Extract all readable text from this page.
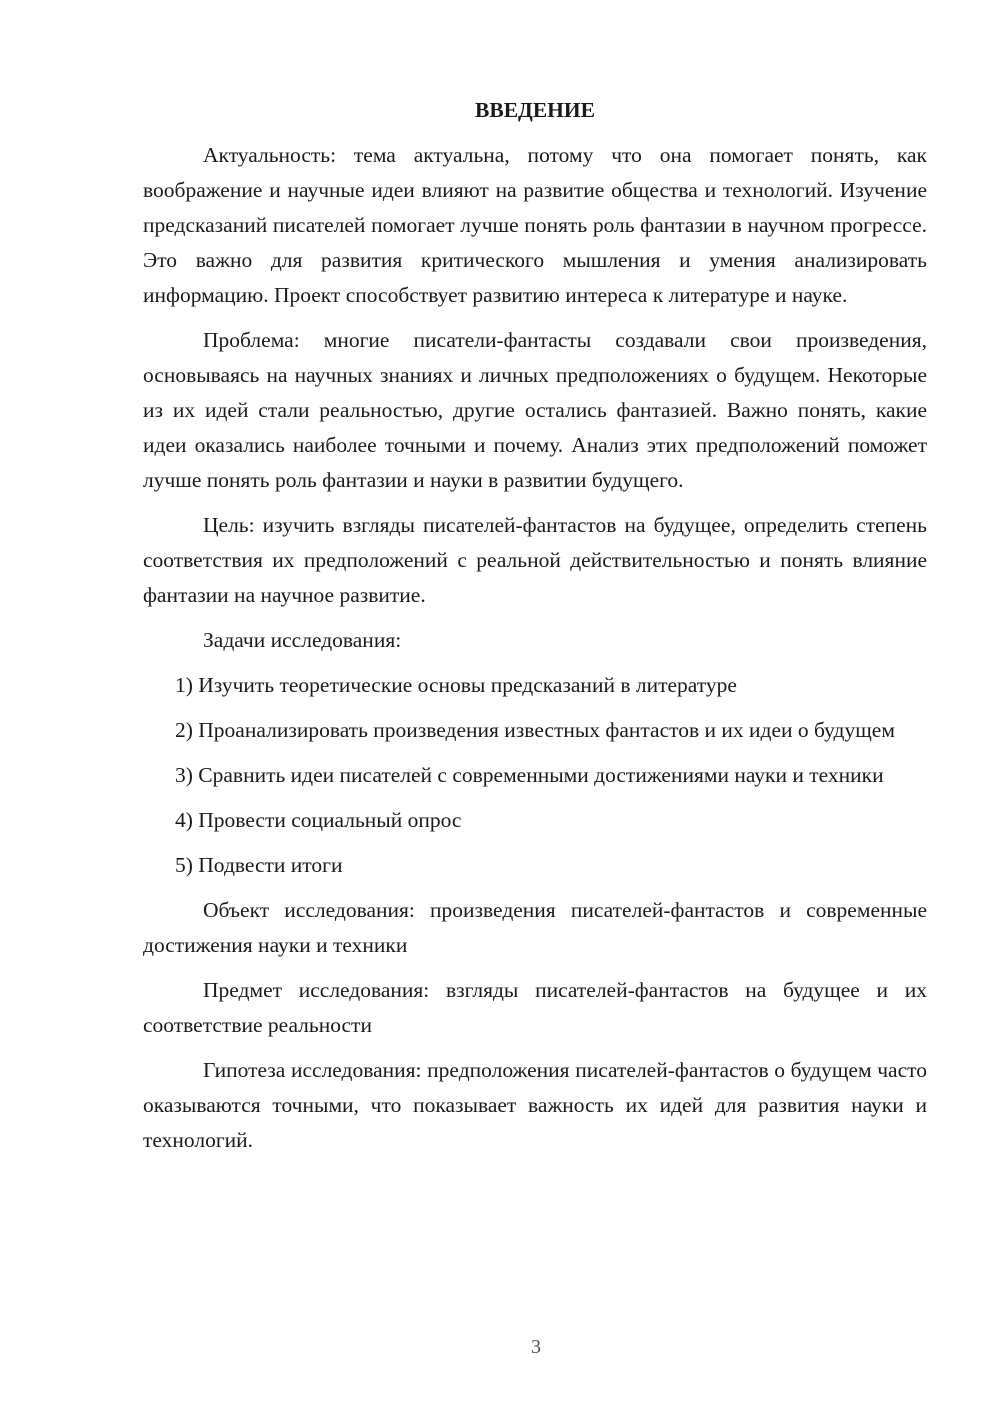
ВВЕДЕНИЕ

Актуальность: тема актуальна, потому что она помогает понять, как воображение и научные идеи влияют на развитие общества и технологий. Изучение предсказаний писателей помогает лучше понять роль фантазии в научном прогрессе. Это важно для развития критического мышления и умения анализировать информацию. Проект способствует развитию интереса к литературе и науке.

Проблема: многие писатели-фантасты создавали свои произведения, основываясь на научных знаниях и личных предположениях о будущем. Некоторые из их идей стали реальностью, другие остались фантазией. Важно понять, какие идеи оказались наиболее точными и почему. Анализ этих предположений поможет лучше понять роль фантазии и науки в развитии будущего.

Цель: изучить взгляды писателей-фантастов на будущее, определить степень соответствия их предположений с реальной действительностью и понять влияние фантазии на научное развитие.

Задачи исследования:

1) Изучить теоретические основы предсказаний в литературе

2) Проанализировать произведения известных фантастов и их идеи о будущем

3) Сравнить идеи писателей с современными достижениями науки и техники

4) Провести социальный опрос

5) Подвести итоги

Объект исследования: произведения писателей-фантастов и современные достижения науки и техники

Предмет исследования: взгляды писателей-фантастов на будущее и их соответствие реальности

Гипотеза исследования: предположения писателей-фантастов о будущем часто оказываются точными, что показывает важность их идей для развития науки и технологий.

3
